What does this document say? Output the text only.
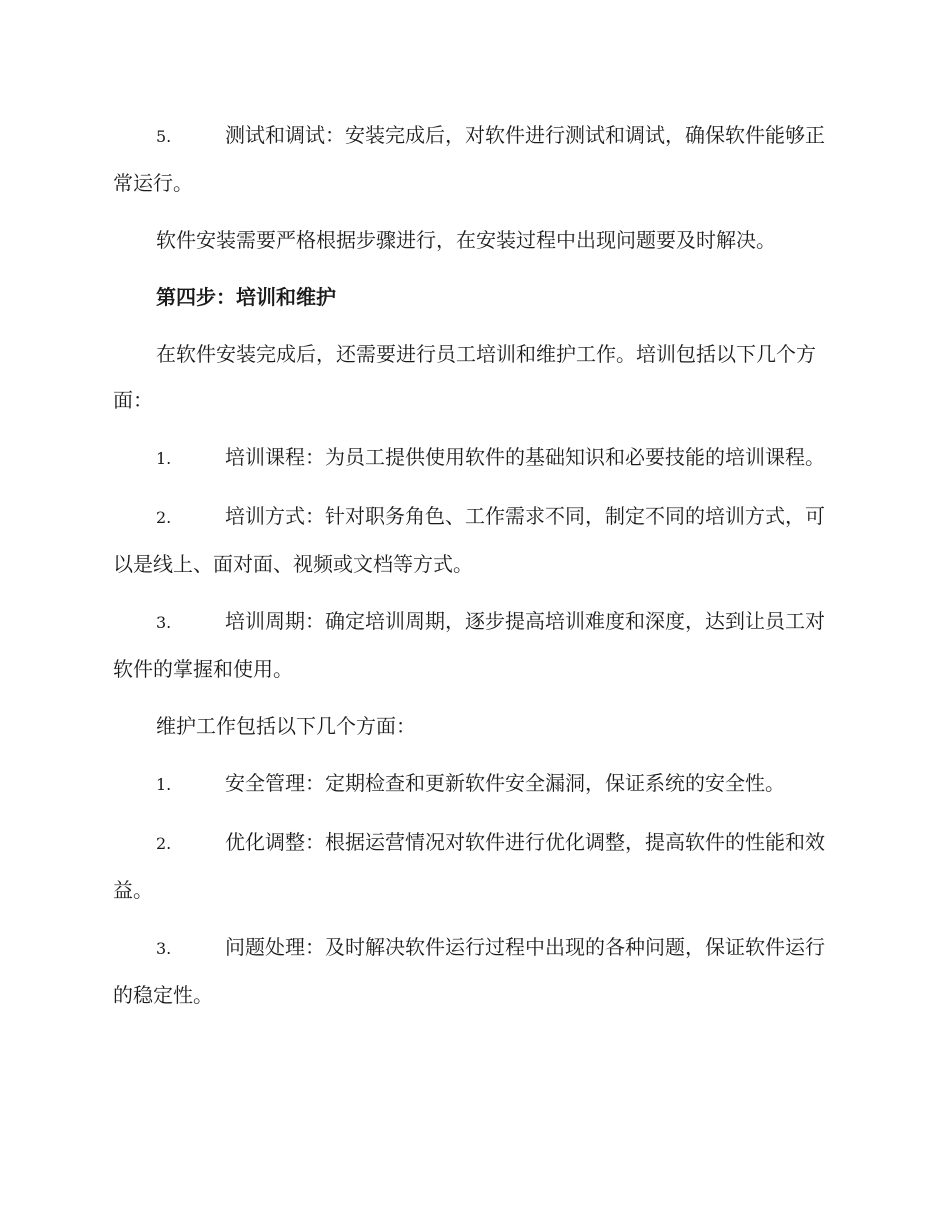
5.	测试和调试：安装完成后，对软件进行测试和调试，确保软件能够正常运行。

软件安装需要严格根据步骤进行，在安装过程中出现问题要及时解决。

第四步：培训和维护

在软件安装完成后，还需要进行员工培训和维护工作。培训包括以下几个方面：

1.	培训课程：为员工提供使用软件的基础知识和必要技能的培训课程。

2.	培训方式：针对职务角色、工作需求不同，制定不同的培训方式，可以是线上、面对面、视频或文档等方式。

3.	培训周期：确定培训周期，逐步提高培训难度和深度，达到让员工对软件的掌握和使用。

维护工作包括以下几个方面：

1.	安全管理：定期检查和更新软件安全漏洞，保证系统的安全性。

2.	优化调整：根据运营情况对软件进行优化调整，提高软件的性能和效益。

3.	问题处理：及时解决软件运行过程中出现的各种问题，保证软件运行的稳定性。
